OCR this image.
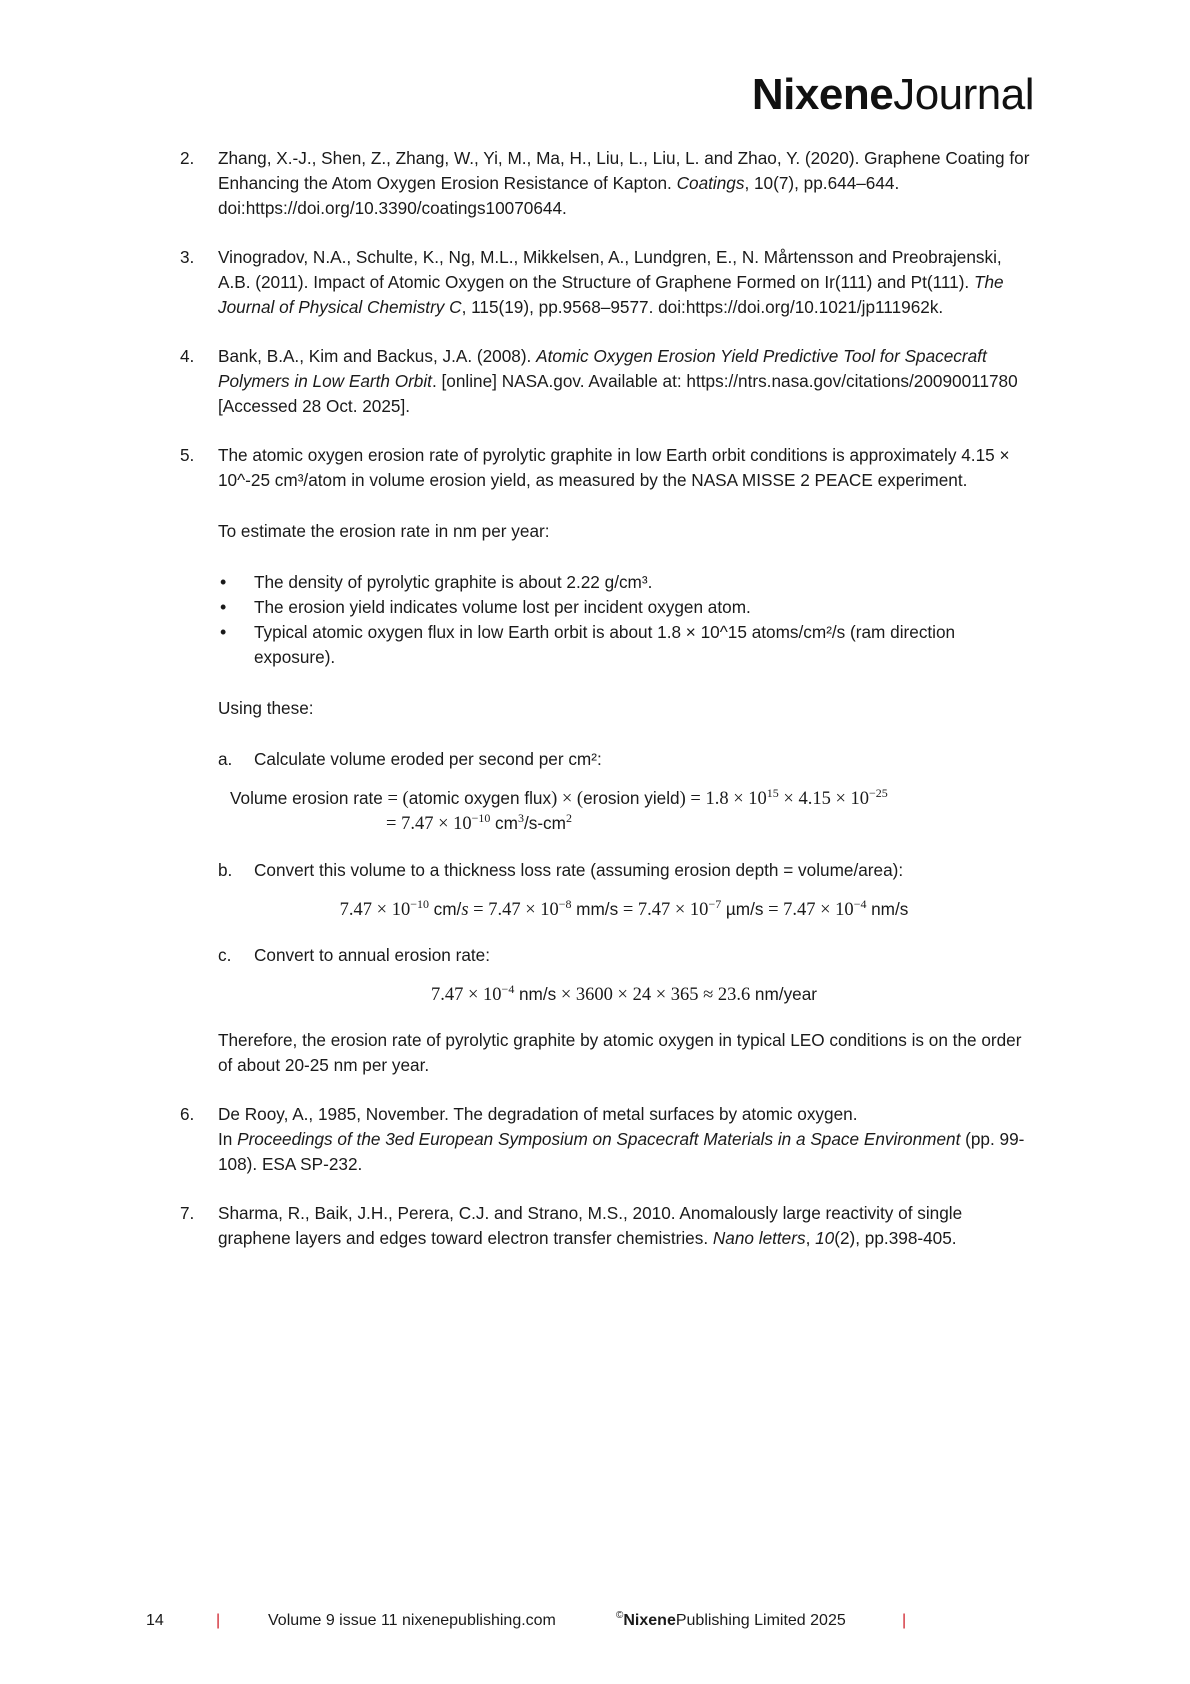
NixeneJournal
2. Zhang, X.-J., Shen, Z., Zhang, W., Yi, M., Ma, H., Liu, L., Liu, L. and Zhao, Y. (2020). Graphene Coating for Enhancing the Atom Oxygen Erosion Resistance of Kapton. Coatings, 10(7), pp.644–644. doi:https://doi.org/10.3390/coatings10070644.

3. Vinogradov, N.A., Schulte, K., Ng, M.L., Mikkelsen, A., Lundgren, E., N. Mårtensson and Preobrajenski, A.B. (2011). Impact of Atomic Oxygen on the Structure of Graphene Formed on Ir(111) and Pt(111). The Journal of Physical Chemistry C, 115(19), pp.9568–9577. doi:https://doi.org/10.1021/jp111962k.

4. Bank, B.A., Kim and Backus, J.A. (2008). Atomic Oxygen Erosion Yield Predictive Tool for Spacecraft Polymers in Low Earth Orbit. [online] NASA.gov. Available at: https://ntrs.nasa.gov/citations/20090011780 [Accessed 28 Oct. 2025].

5. The atomic oxygen erosion rate of pyrolytic graphite in low Earth orbit conditions is approximately 4.15 × 10^-25 cm³/atom in volume erosion yield, as measured by the NASA MISSE 2 PEACE experiment.

To estimate the erosion rate in nm per year:

• The density of pyrolytic graphite is about 2.22 g/cm³.
• The erosion yield indicates volume lost per incident oxygen atom.
• Typical atomic oxygen flux in low Earth orbit is about 1.8 × 10^15 atoms/cm²/s (ram direction exposure).

Using these:

a. Calculate volume eroded per second per cm²:
Volume erosion rate = (atomic oxygen flux) × (erosion yield) = $1.8 \times 10^{15} \times 4.15 \times 10^{-25}$
= $7.47 \times 10^{-10}$ $cm^3/s-cm^2$
b. Convert this volume to a thickness loss rate (assuming erosion depth = volume/area):
$7.47 \times 10^{-10}$ $cm/s = 7.47 \times 10^{-8}$ $mm/s = 7.47 \times 10^{-7}$ $\mu m/s = 7.47 \times 10^{-4}$ nm/s
c. Convert to annual erosion rate:
$7.47 \times 10^{-4}$ nm/s × 3600 × 24 × 365 ≈ 23.6 nm/year

Therefore, the erosion rate of pyrolytic graphite by atomic oxygen in typical LEO conditions is on the order of about 20-25 nm per year.

6. De Rooy, A., 1985, November. The degradation of metal surfaces by atomic oxygen.

In Proceedings of the 3ed European Symposium on Spacecraft Materials in a Space Environment (pp. 99-108). ESA SP-232.

7. Sharma, R., Baik, J.H., Perera, C.J. and Strano, M.S., 2010. Anomalously large reactivity of single graphene layers and edges toward electron transfer chemistries. Nano letters, 10(2), pp.398-405.

14	|	Volume 9 issue 11 nixenepublishing.com	©NixenePublishing Limited 2025	|
